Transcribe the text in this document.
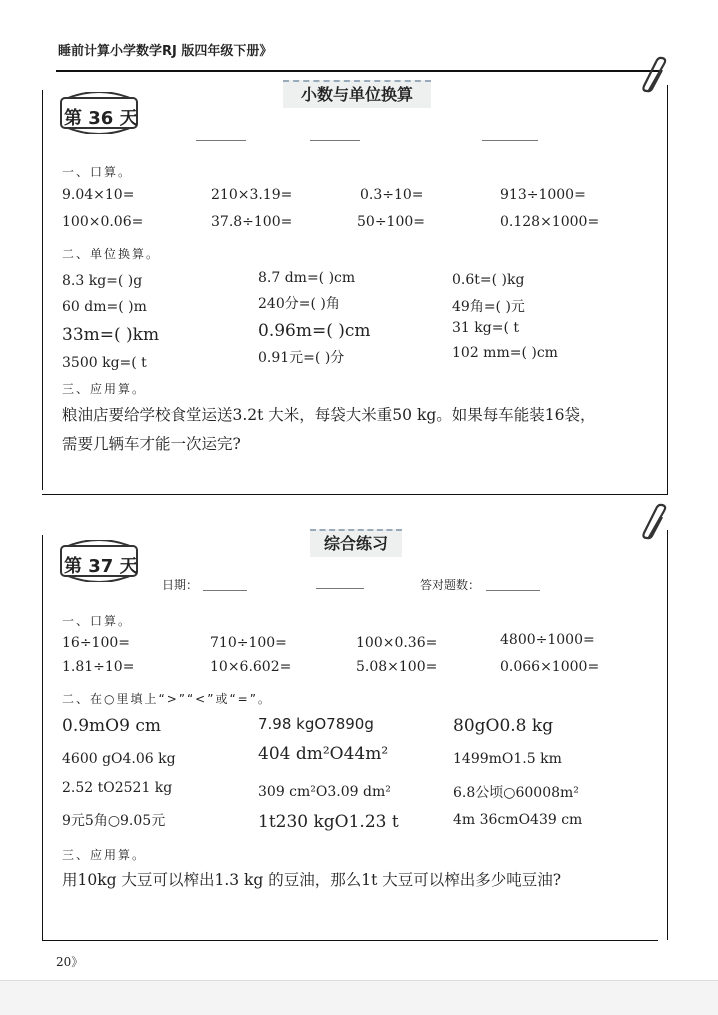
睡前计算小学数学RJ 版四年级下册》
第 36 天
小数与单位换算
一、口算。
9.04×10=	210×3.19=	0.3÷10=	913÷1000=
100×0.06=	37.8÷100=	50÷100=	0.128×1000=
二、单位换算。
8.3 kg=( )g	8.7 dm=( )cm	0.6t=( )kg
60 dm=( )m	240分=( )角	49角=( )元
33m=( )km	0.96m=( )cm	31 kg=( t
3500 kg=( t	0.91元=( )分	102 mm=( )cm
三、应用算。
粮油店要给学校食堂运送3.2t 大米，每袋大米重50 kg。如果每车能装16袋，
需要几辆车才能一次运完?
第 37 天
综合练习
日期：	答对题数：
一、口算。
16÷100=	710÷100=	100×0.36=	4800÷1000=
1.81÷10=	10×6.602=	5.08×100=	0.066×1000=
二、在○里填上“>”“<”或“=”。
0.9mO9 cm	7.98 kgO7890g	80gO0.8 kg
4600 gO4.06 kg	404 dm²O44m²	1499mO1.5 km
2.52 tO2521 kg	309 cm²O3.09 dm²	6.8公顷○60008m²
9元5角○9.05元	1t230 kgO1.23 t	4m 36cmO439 cm
三、应用算。
用10kg 大豆可以榨出1.3 kg 的豆油，那么1t 大豆可以榨出多少吨豆油?
20》
